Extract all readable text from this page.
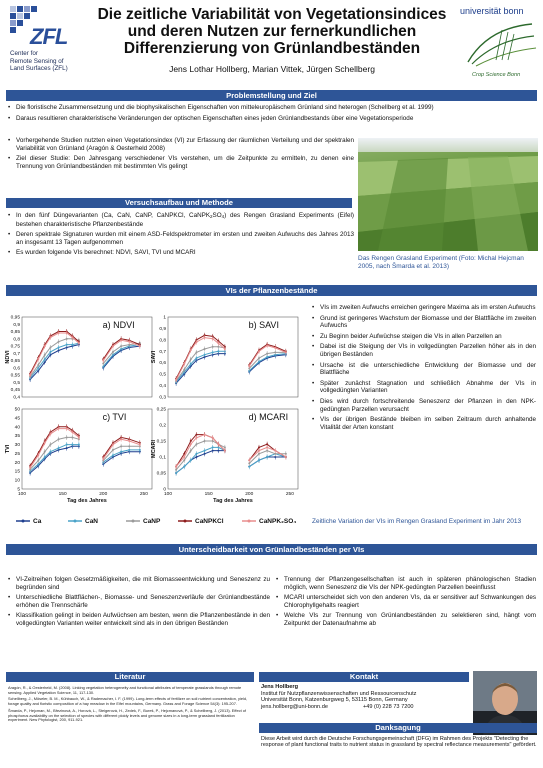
ZFL
Center for
Remote Sensing of
Land Surfaces (ZFL)
Die zeitliche Variabilität von Vegetationsindices und deren Nutzen zur fernerkundlichen Differenzierung von Grünlandbeständen
Jens Lothar Hollberg, Marian Vittek, Jürgen Schellberg
universität bonn
Crop Science Bonn
Problemstellung und Ziel
• Die floristische Zusammensetzung und die biophysikalischen Eigenschaften von mitteleuropäischem Grünland sind heterogen (Schellberg et al. 1999)
• Daraus resultieren charakteristische Veränderungen der optischen Eigenschaften eines jeden Grünlandbestands über eine Vegetationsperiode
• Vorhergehende Studien nutzten einen Vegetationsindex (VI) zur Erfassung der räumlichen Verteilung und der spektralen Variabilität von Grünland (Aragón & Oesterheld 2008)
• Ziel dieser Studie: Den Jahresgang verschiedener VIs verstehen, um die Zeitpunkte zu ermitteln, zu denen eine Trennung von Grünlandbeständen mit bestimmten VIs gelingt
Das Rengen Grasland Experiment (Foto: Michal Hejcman 2005, nach Šmarda et al. 2013)
Versuchsaufbau und Methode
• In den fünf Düngevarianten (Ca, CaN, CaNP, CaNPKCl, $CaNPK_2SO_4$) des Rengen Grasland Experiments (Eifel) bestehen charakteristische Pflanzenbestände
• Deren spektrale Signaturen wurden mit einem ASD-Feldspektrometer im ersten und zweiten Aufwuchs des Jahres 2013 an insgesamt 13 Tagen aufgenommen
• Es wurden folgende VIs berechnet: NDVI, SAVI, TVI und MCARI
VIs der Pflanzenbestände
0,4
0,45
0,5
0,55
0,6
0,65
0,7
0,75
0,8
0,85
0,9
0,95
NDVI
a) NDVI
0,3
0,4
0,5
0,6
0,7
0,8
0,9
1
SAVI
b) SAVI
5
10
15
20
25
30
35
40
45
50
100	150	200	250
TVI
Tag des Jahres
c) TVI
0
0,05
0,1
0,15
0,2
0,25
100	150	200	250
MCARI
Tag des Jahres
d) MCARI
Ca	CaN	CaNP	CaNPKCl	CaNPK₂SO₄
• VIs im zweiten Aufwuchs erreichen geringere Maxima als im ersten Aufwuchs
• Grund ist geringeres Wachstum der Biomasse und der Blattfläche im zweiten Aufwuchs
• Zu Beginn beider Aufwüchse steigen die VIs in allen Parzellen an
• Dabei ist die Steigung der VIs in vollgedüngten Parzellen höher als in den übrigen Beständen
• Ursache ist die unterschiedliche Entwicklung der Biomasse und der Blattfläche
• Später zunächst Stagnation und schließlich Abnahme der VIs in vollgedüngten Varianten
• Dies wird durch fortschreitende Seneszenz der Pflanzen in den NPK-gedüngten Parzellen verursacht
• VIs der übrigen Bestände bleiben im selben Zeitraum durch anhaltende Vitalität der Arten konstant
Zeitliche Variation der VIs im Rengen Grasland Experiment im Jahr 2013
Unterscheidbarkeit von Grünlandbeständen per VIs
• VI-Zeitreihen folgen Gesetzmäßigkeiten, die mit Biomasseentwicklung und Seneszenz zu begründen sind
• Unterschiedliche Blattflächen-, Biomasse- und Seneszenzverläufe der Grünlandbestände erhöhen die Trennschärfe
• Klassifikation gelingt in beiden Aufwüchsen am besten, wenn die Pflanzenbestände in den vollgedüngten Varianten weiter entwickelt sind als in den übrigen Beständen
• Trennung der Pflanzengesellschaften ist auch in späteren phänologischen Stadien möglich, wenn Seneszenz die VIs der NPK-gedüngten Parzellen beeinflusst
• MCARI unterscheidet sich von den anderen VIs, da er sensitiver auf Schwankungen des Chlorophyllgehalts reagiert
• Welche VIs zur Trennung von Grünlandbeständen zu selektieren sind, hängt vom Zeitpunkt der Datenaufnahme ab
Literatur

Aragón, R., & Oesterheld, M. (2008). Linking vegetation heterogeneity and functional attributes of temperate grasslands through remote sensing. Applied Vegetation Science, 11, 117-130.

Schellberg, J., Möseler, B. M., Kühbauch, W., & Rademacher, I. F. (1999). Long-term effects of fertilizer on soil nutrient concentration, yield, forage quality and floristic composition of a hay meadow in the Eifel mountains, Germany. Grass and Forage Science 54(3): 195-207.

Šmarda, P., Hejcman, M., Březinová, A., Horová, L., Steigerová, H., Zedek, F., Bureš, P., Hejcmanová, P., & Schellberg, J. (2013). Effect of phosphorus availability on the selection of species with different ploidy levels and genome sizes in a long-term grassland fertilization experiment. New Phytologist, 200, 911-921.

Kontakt
Jens Hollberg
Institut für Nutzpflanzenwissenschaften und Ressourcenschutz
Universität Bonn, Katzenburgweg 5, 53115 Bonn, Germany
jens.hollberg@uni-bonn.de	+49 (0) 228 73 7200
Danksagung
Diese Arbeit wird durch die Deutsche Forschungsgemeinschaft (DFG) im Rahmen des Projekts "Detecting the response of plant functional traits to nutrient status in grassland by spectral reflectance measurements" gefördert.
